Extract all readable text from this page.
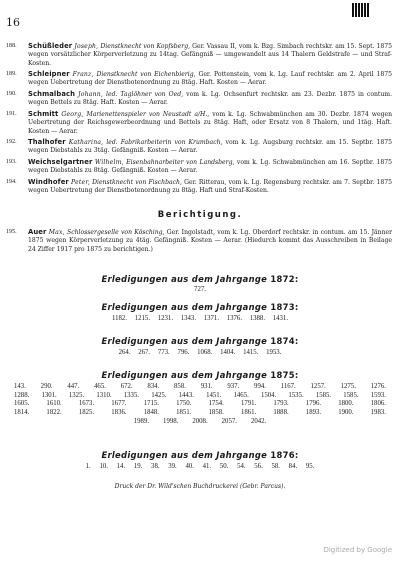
16
188. Schüßleder Joseph, Dienstknecht von Kopfsberg, Ger. Vassau II, vom k. Bzg. Simbach rechtskr. am 15. Sept. 1875 wegen vorsätzlicher Körperverletzung zu 14tag. Gefängniß — umgewandelt aus 14 Thalern Geldstrafe — und Straf-Kosten.
189. Schleipner Franz, Dienstknecht von Eichenbierig, Ger. Pottenstein, vom k. Lg. Lauf rechtskr. am 2. April 1875 wegen Uebertretung der Dienstbotenordnung zu 8täg. Haft. Kosten — Aerar.
190. Schmalbach Johann, led. Taglöhner von Oed, vom k. Lg. Ochsenfurt rechtskr. am 23. Dezbr. 1875 in contum. wegen Bettels zu 8täg. Haft. Kosten — Aerar.
191. Schmitt Georg, Marienettenspieler von Neustadt a/H., vom k. Lg. Schwabmünchen am 30. Dezbr. 1874 wegen Uebertretung der Reichsgewerbeordnung und Bettels zu 8täg. Haft, oder Ersatz von 8 Thalern, und 1täg. Haft. Kosten — Aerar.
192. Thalhofer Katharina, led. Fabrikarbeiterin von Krumbach, vom k. Lg. Augsburg rechtskr. am 15. Septbr. 1875 wegen Diebstahls zu 3täg. Gefängniß. Kosten — Aerar.
193. Weichselgartner Wilhelm, Eisenbahnarbeiter von Landsberg, vom k. Lg. Schwabmünchen am 16. Septbr. 1875 wegen Diebstahls zu 8täg. Gefängniß. Kosten — Aerar.
194. Windhofer Peter, Dienstknecht von Fischbach, Ger. Ritterau, vom k. Lg. Regensburg rechtskr. am 7. Septbr. 1875 wegen Uebertretung der Dienstbotenordnung zu 8täg. Haft und Straf-Kosten.
Berichtigung.
195. Auer Max, Schlossergeselle von Kösching, Ger. Ingolstadt, vom k. Lg. Oberdorf rechtskr. in contum. am 15. Jänner 1875 wegen Körperverletzung zu 4täg. Gefängniß. Kosten — Aerar. (Hiedurch kommt das Ausschreiben in Beilage 24 Ziffer 1917 pro 1875 zu berichtigen.)
Erledigungen aus dem Jahrgange 1872:
727.
Erledigungen aus dem Jahrgange 1873:
1182. 1215. 1231. 1343. 1371. 1376. 1388. 1431.
Erledigungen aus dem Jahrgange 1874:
264. 267. 773. 796. 1068. 1404. 1415. 1953.
Erledigungen aus dem Jahrgange 1875:
143. 290. 447. 465. 672. 834. 858. 931. 937. 994. 1167. 1257. 1275. 1276.
1288. 1301. 1325. 1310. 1335. 1425. 1443. 1451. 1465. 1504. 1535. 1585. 1585. 1593.
1605.	1610.	1673.	1677.	1715.	1750.	1754.	1791.	1793.	1796.	1800.	1806.
1814.	1822.	1825.	1836.	1848.	1851.	1858.	1861.	1888.	1893.	1900.	1983.
1989. 1998. 2008. 2057. 2042.
Erledigungen aus dem Jahrgange 1876:
1. 10. 14. 19. 38. 39. 40. 41. 50. 54. 56. 58. 84. 95.
Druck der Dr. Wild'schen Buchdruckerei (Gebr. Parcus).
Digitized by Google
